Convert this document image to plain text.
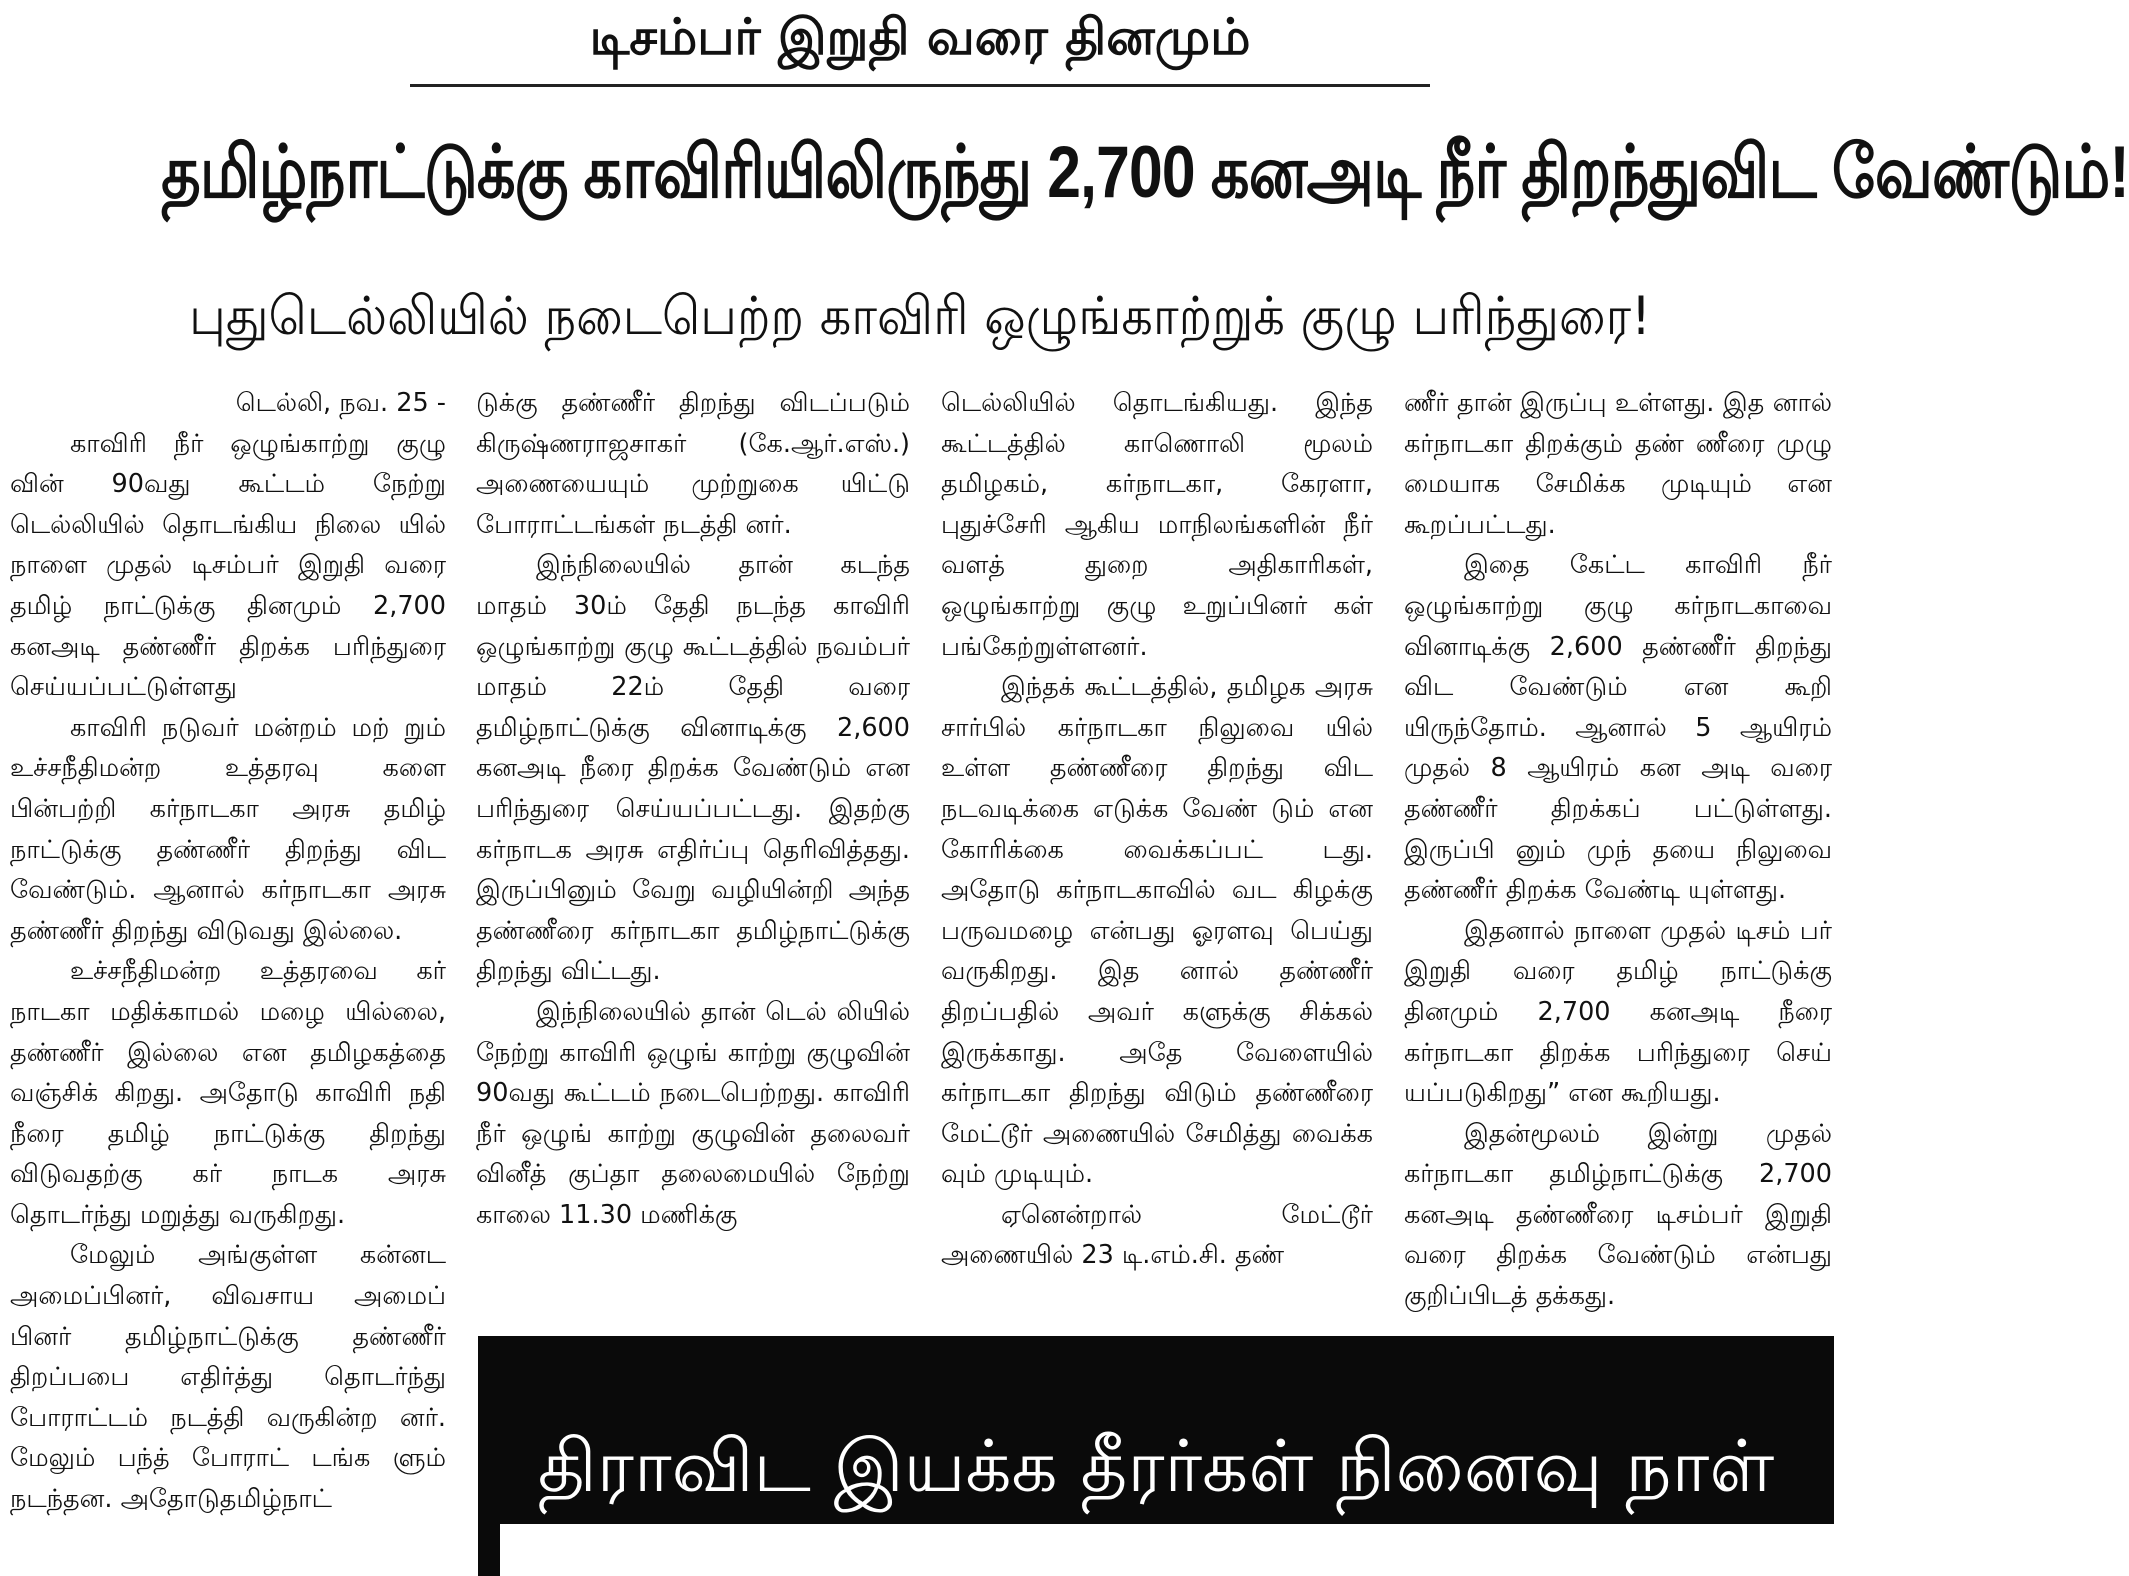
டிசம்பர் இறுதி வரை தினமும்
தமிழ்நாட்டுக்கு காவிரியிலிருந்து 2,700 கனஅடி நீர் திறந்துவிட வேண்டும்!
புதுடெல்லியில் நடைபெற்ற காவிரி ஒழுங்காற்றுக் குழு பரிந்துரை!

டெல்லி, நவ. 25 -

காவிரி நீர் ஒழுங்காற்று குழு வின் 90வது கூட்டம் நேற்று டெல்லியில் தொடங்கிய நிலை யில் நாளை முதல் டிசம்பர் இறுதி வரை தமிழ் நாட்டுக்கு தினமும் 2,700 கனஅடி தண்ணீர் திறக்க பரிந்துரை செய்யப்பட்டுள்ளது

காவிரி நடுவர் மன்றம் மற் றும் உச்சநீதிமன்ற உத்தரவு களை பின்பற்றி கர்நாடகா அரசு தமிழ் நாட்டுக்கு தண்ணீர் திறந்து விட வேண்டும். ஆனால் கர்நாடகா அரசு தண்ணீர் திறந்து விடுவது இல்லை.

உச்சநீதிமன்ற உத்தரவை கர் நாடகா மதிக்காமல் மழை யில்லை, தண்ணீர் இல்லை என தமிழகத்தை வஞ்சிக் கிறது. அதோடு காவிரி நதி நீரை தமிழ் நாட்டுக்கு திறந்து விடுவதற்கு கர் நாடக அரசு தொடர்ந்து மறுத்து வருகிறது.

மேலும் அங்குள்ள கன்னட அமைப்பினர், விவசாய அமைப் பினர் தமிழ்நாட்டுக்கு தண்ணீர் திறப்பபை எதிர்த்து தொடர்ந்து போராட்டம் நடத்தி வருகின்ற னர். மேலும் பந்த் போராட் டங்க ளும் நடந்தன. அதோடுதமிழ்நாட்

டுக்கு தண்ணீர் திறந்து விடப்படும் கிருஷ்ணராஜசாகர் (கே.ஆர்.எஸ்.) அணையையும் முற்றுகை யிட்டு போராட்டங்கள் நடத்தி னர்.

இந்நிலையில் தான் கடந்த மாதம் 30ம் தேதி நடந்த காவிரி ஒழுங்காற்று குழு கூட்டத்தில் நவம்பர் மாதம் 22ம் தேதி வரை தமிழ்நாட்டுக்கு வினாடிக்கு 2,600 கனஅடி நீரை திறக்க வேண்டும் என பரிந்துரை செய்யப்பட்டது. இதற்கு கர்நாடக அரசு எதிர்ப்பு தெரிவித்தது. இருப்பினும் வேறு வழியின்றி அந்த தண்ணீரை கர்நாடகா தமிழ்நாட்டுக்கு திறந்து விட்டது.

இந்நிலையில் தான் டெல் லியில் நேற்று காவிரி ஒழுங் காற்று குழுவின் 90வது கூட்டம் நடைபெற்றது. காவிரி நீர் ஒழுங் காற்று குழுவின் தலைவர் வினீத் குப்தா தலைமையில் நேற்று காலை 11.30 மணிக்கு

டெல்லியில் தொடங்கியது. இந்த கூட்டத்தில் காணொலி மூலம் தமிழகம், கர்நாடகா, கேரளா, புதுச்சேரி ஆகிய மாநிலங்களின் நீர் வளத் துறை அதிகாரிகள், ஒழுங்காற்று குழு உறுப்பினர் கள் பங்கேற்றுள்ளனர்.

இந்தக் கூட்டத்தில், தமிழக அரசு சார்பில் கர்நாடகா நிலுவை யில் உள்ள தண்ணீரை திறந்து விட நடவடிக்கை எடுக்க வேண் டும் என கோரிக்கை வைக்கப்பட் டது. அதோடு கர்நாடகாவில் வட கிழக்கு பருவமழை என்பது ஓரளவு பெய்து வருகிறது. இத னால் தண்ணீர் திறப்பதில் அவர் களுக்கு சிக்கல் இருக்காது. அதே வேளையில் கர்நாடகா திறந்து விடும் தண்ணீரை மேட்டூர் அணையில் சேமித்து வைக்க வும் முடியும்.

ஏனென்றால் மேட்டூர் அணையில் 23 டி.எம்.சி. தண்

ணீர் தான் இருப்பு உள்ளது. இத னால் கர்நாடகா திறக்கும் தண் ணீரை முழு மையாக சேமிக்க முடியும் என கூறப்பட்டது.

இதை கேட்ட காவிரி நீர் ஒழுங்காற்று குழு கர்நாடகாவை வினாடிக்கு 2,600 தண்ணீர் திறந்து விட வேண்டும் என கூறி யிருந்தோம். ஆனால் 5 ஆயிரம் முதல் 8 ஆயிரம் கன அடி வரை தண்ணீர் திறக்கப் பட்டுள்ளது. இருப்பி னும் முந் தயை நிலுவை தண்ணீர் திறக்க வேண்டி யுள்ளது.

இதனால் நாளை முதல் டிசம் பர் இறுதி வரை தமிழ் நாட்டுக்கு தினமும் 2,700 கனஅடி நீரை கர்நாடகா திறக்க பரிந்துரை செய் யப்படுகிறது” என கூறியது.

இதன்மூலம் இன்று முதல் கர்நாடகா தமிழ்நாட்டுக்கு 2,700 கனஅடி தண்ணீரை டிசம்பர் இறுதி வரை திறக்க வேண்டும் என்பது குறிப்பிடத் தக்கது.

திராவிட இயக்க தீரர்கள் நினைவு நாள்
